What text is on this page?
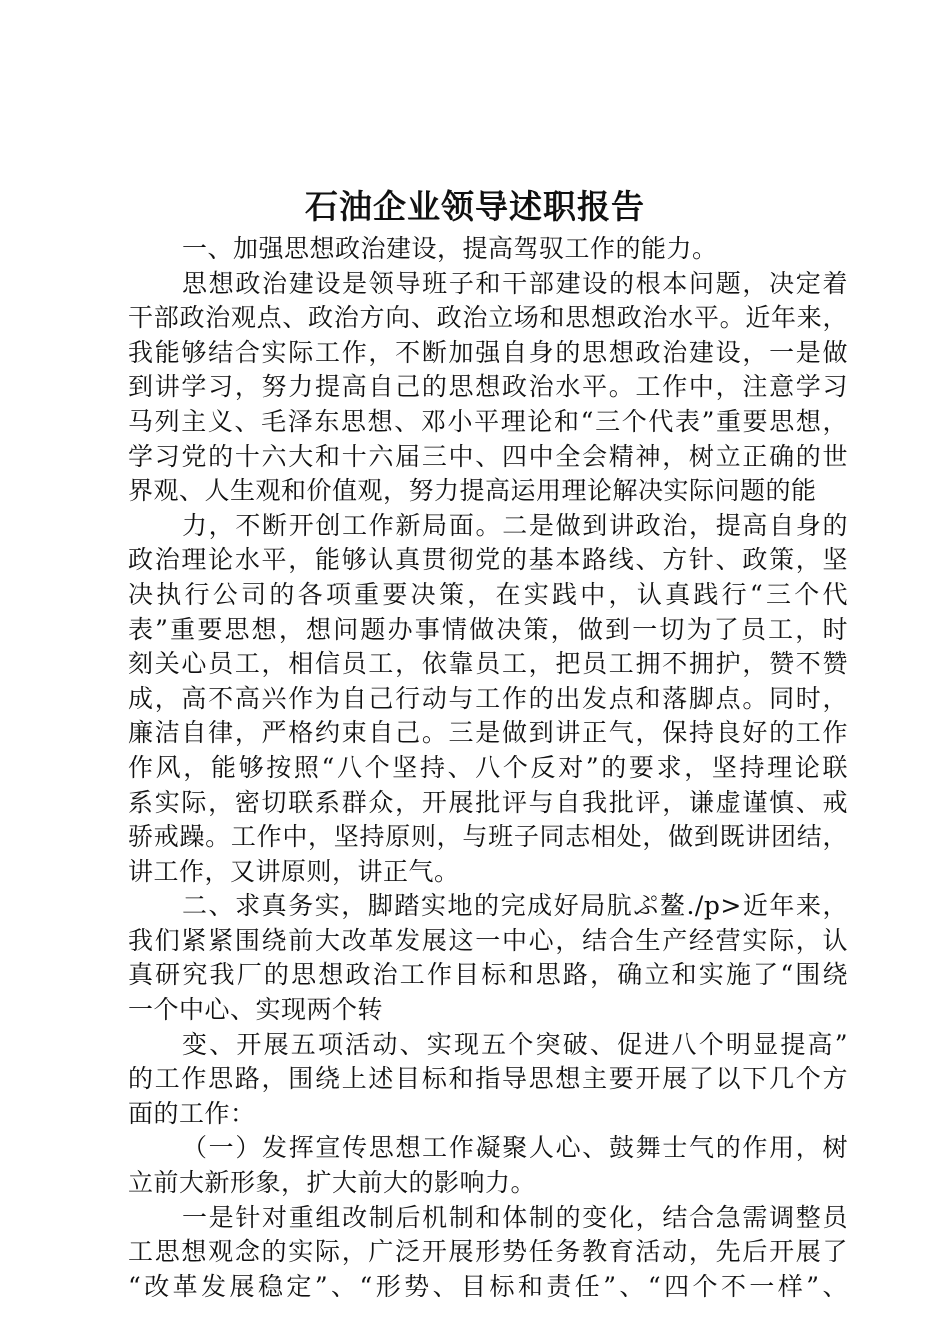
石油企业领导述职报告
一、加强思想政治建设，提高驾驭工作的能力。
思想政治建设是领导班子和干部建设的根本问题，决定着
干部政治观点、政治方向、政治立场和思想政治水平。近年来，
我能够结合实际工作，不断加强自身的思想政治建设，一是做
到讲学习，努力提高自己的思想政治水平。工作中，注意学习
马列主义、毛泽东思想、邓小平理论和“三个代表”重要思想，
学习党的十六大和十六届三中、四中全会精神，树立正确的世
界观、人生观和价值观，努力提高运用理论解决实际问题的能
力，不断开创工作新局面。二是做到讲政治，提高自身的
政治理论水平，能够认真贯彻党的基本路线、方针、政策，坚
决执行公司的各项重要决策，在实践中，认真践行“三个代
表”重要思想，想问题办事情做决策，做到一切为了员工，时
刻关心员工，相信员工，依靠员工，把员工拥不拥护，赞不赞
成，高不高兴作为自己行动与工作的出发点和落脚点。同时，
廉洁自律，严格约束自己。三是做到讲正气，保持良好的工作
作风，能够按照“八个坚持、八个反对”的要求，坚持理论联
系实际，密切联系群众，开展批评与自我批评，谦虚谨慎、戒
骄戒躁。工作中，坚持原则，与班子同志相处，做到既讲团结，
讲工作，又讲原则，讲正气。
二、求真务实，脚踏实地的完成好局肮ぷ鳌./p>近年来，
我们紧紧围绕前大改革发展这一中心，结合生产经营实际，认
真研究我厂的思想政治工作目标和思路，确立和实施了“围绕
一个中心、实现两个转
变、开展五项活动、实现五个突破、促进八个明显提高”
的工作思路，围绕上述目标和指导思想主要开展了以下几个方
面的工作：
（一）发挥宣传思想工作凝聚人心、鼓舞士气的作用，树
立前大新形象，扩大前大的影响力。
一是针对重组改制后机制和体制的变化，结合急需调整员
工思想观念的实际，广泛开展形势任务教育活动，先后开展了
“改革发展稳定”、“形势、目标和责任”、“四个不一样”、
